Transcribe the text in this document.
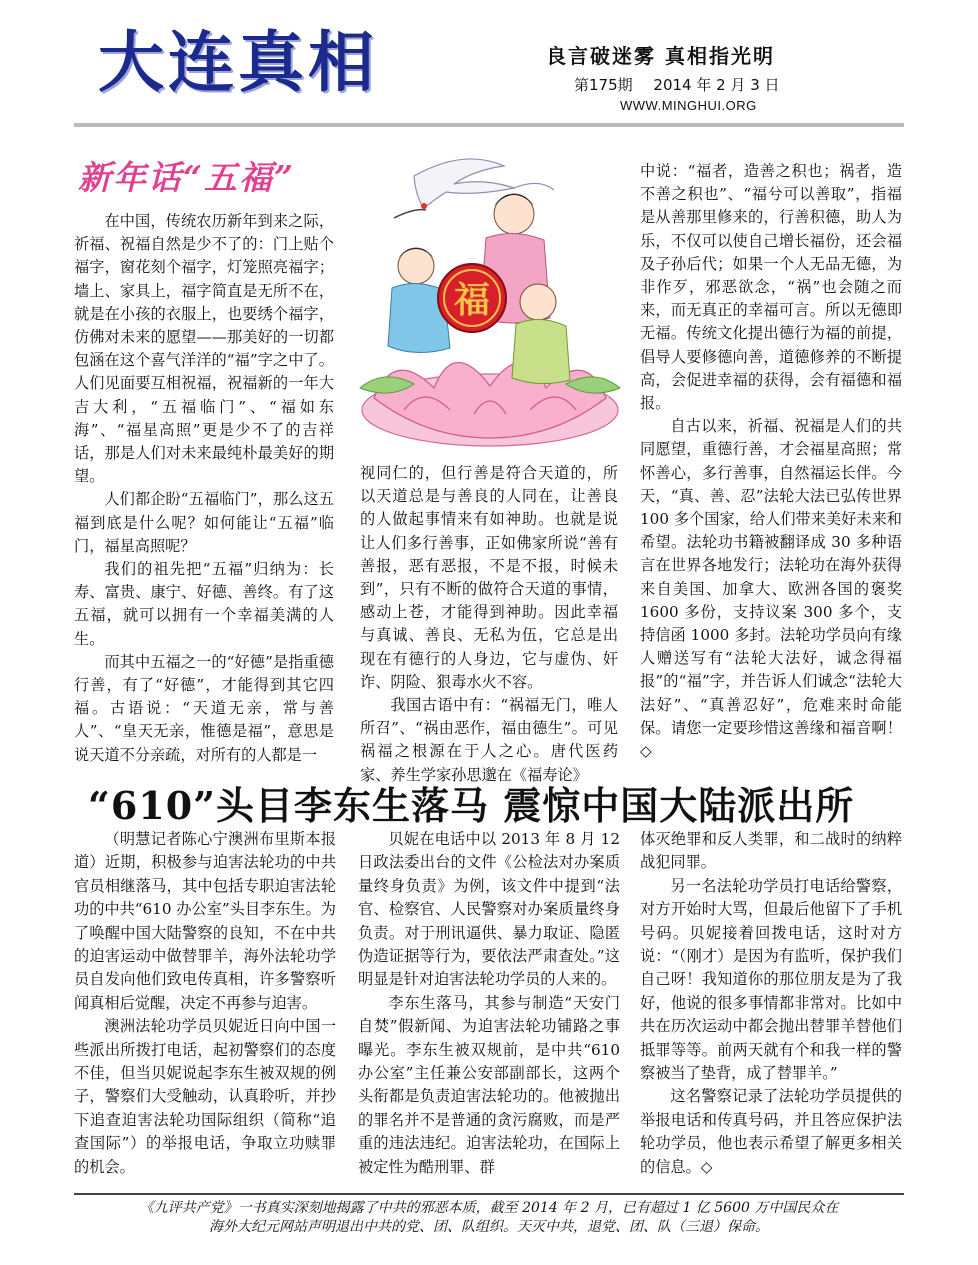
大连真相	良言破迷雾 真相指光明
第175期 2014 年 2 月 3 日
WWW.MINGHUI.ORG
新年话“五福”

在中国，传统农历新年到来之际，祈福、祝福自然是少不了的：门上贴个福字，窗花刻个福字，灯笼照亮福字；墙上、家具上，福字简直是无所不在，就是在小孩的衣服上，也要绣个福字，仿佛对未来的愿望——那美好的一切都包涵在这个喜气洋洋的“福”字之中了。人们见面要互相祝福，祝福新的一年大吉大利，“五福临门”、“福如东海”、“福星高照”更是少不了的吉祥话，那是人们对未来最纯朴最美好的期望。

人们都企盼“五福临门”，那么这五福到底是什么呢？如何能让“五福”临门，福星高照呢？

我们的祖先把“五福”归纳为：长寿、富贵、康宁、好德、善终。有了这五福，就可以拥有一个幸福美满的人生。

而其中五福之一的“好德”是指重德行善，有了“好德”，才能得到其它四福。古语说：“天道无亲，常与善人”、“皇天无亲，惟德是福”，意思是说天道不分亲疏，对所有的人都是一

福

视同仁的，但行善是符合天道的，所以天道总是与善良的人同在，让善良的人做起事情来有如神助。也就是说让人们多行善事，正如佛家所说“善有善报，恶有恶报，不是不报，时候未到”，只有不断的做符合天道的事情，感动上苍，才能得到神助。因此幸福与真诚、善良、无私为伍，它总是出现在有德行的人身边，它与虚伪、奸诈、阴险、狠毒水火不容。

我国古语中有：“祸福无门，唯人所召”、“祸由恶作，福由德生”。可见祸福之根源在于人之心。唐代医药家、养生学家孙思邈在《福寿论》

中说：“福者，造善之积也；祸者，造不善之积也”、“福兮可以善取”，指福是从善那里修来的，行善积德，助人为乐，不仅可以使自己增长福份，还会福及子孙后代；如果一个人无品无德，为非作歹，邪恶欲念，“祸”也会随之而来，而无真正的幸福可言。所以无德即无福。传统文化提出德行为福的前提，倡导人要修德向善，道德修养的不断提高，会促进幸福的获得，会有福德和福报。

自古以来，祈福、祝福是人们的共同愿望，重德行善，才会福星高照；常怀善心，多行善事，自然福运长伴。今天，“真、善、忍”法轮大法已弘传世界 100 多个国家，给人们带来美好未来和希望。法轮功书籍被翻译成 30 多种语言在世界各地发行；法轮功在海外获得来自美国、加拿大、欧洲各国的褒奖 1600 多份，支持议案 300 多个，支持信函 1000 多封。法轮功学员向有缘人赠送写有“法轮大法好，诚念得福报”的“福”字，并告诉人们诚念“法轮大法好”、“真善忍好”，危难来时命能保。请您一定要珍惜这善缘和福音啊！◇

“610”头目李东生落马 震惊中国大陆派出所

（明慧记者陈心宁澳洲布里斯本报道）近期，积极参与迫害法轮功的中共官员相继落马，其中包括专职迫害法轮功的中共“610 办公室”头目李东生。为了唤醒中国大陆警察的良知，不在中共的迫害运动中做替罪羊，海外法轮功学员自发向他们致电传真相，许多警察听闻真相后觉醒，决定不再参与迫害。

澳洲法轮功学员贝妮近日向中国一些派出所拨打电话，起初警察们的态度不佳，但当贝妮说起李东生被双规的例子，警察们大受触动，认真聆听，并抄下追查迫害法轮功国际组织（简称“追查国际”）的举报电话，争取立功赎罪的机会。

贝妮在电话中以 2013 年 8 月 12 日政法委出台的文件《公检法对办案质量终身负责》为例，该文件中提到“法官、检察官、人民警察对办案质量终身负责。对于刑讯逼供、暴力取证、隐匿伪造证据等行为，要依法严肃查处。”这明显是针对迫害法轮功学员的人来的。

李东生落马，其参与制造“天安门自焚”假新闻、为迫害法轮功铺路之事曝光。李东生被双规前，是中共“610 办公室”主任兼公安部副部长，这两个头衔都是负责迫害法轮功的。他被抛出的罪名并不是普通的贪污腐败，而是严重的违法违纪。迫害法轮功，在国际上被定性为酷刑罪、群

体灭绝罪和反人类罪，和二战时的纳粹战犯同罪。

另一名法轮功学员打电话给警察，对方开始时大骂，但最后他留下了手机号码。贝妮接着回拨电话，这时对方说：“（刚才）是因为有监听，保护我们自己呀！我知道你的那位朋友是为了我好，他说的很多事情都非常对。比如中共在历次运动中都会抛出替罪羊替他们抵罪等等。前两天就有个和我一样的警察被当了垫背，成了替罪羊。”

这名警察记录了法轮功学员提供的举报电话和传真号码，并且答应保护法轮功学员，他也表示希望了解更多相关的信息。◇

《九评共产党》一书真实深刻地揭露了中共的邪恶本质，截至 2014 年 2 月，已有超过 1 亿 5600 万中国民众在
海外大纪元网站声明退出中共的党、团、队组织。天灭中共，退党、团、队（三退）保命。
